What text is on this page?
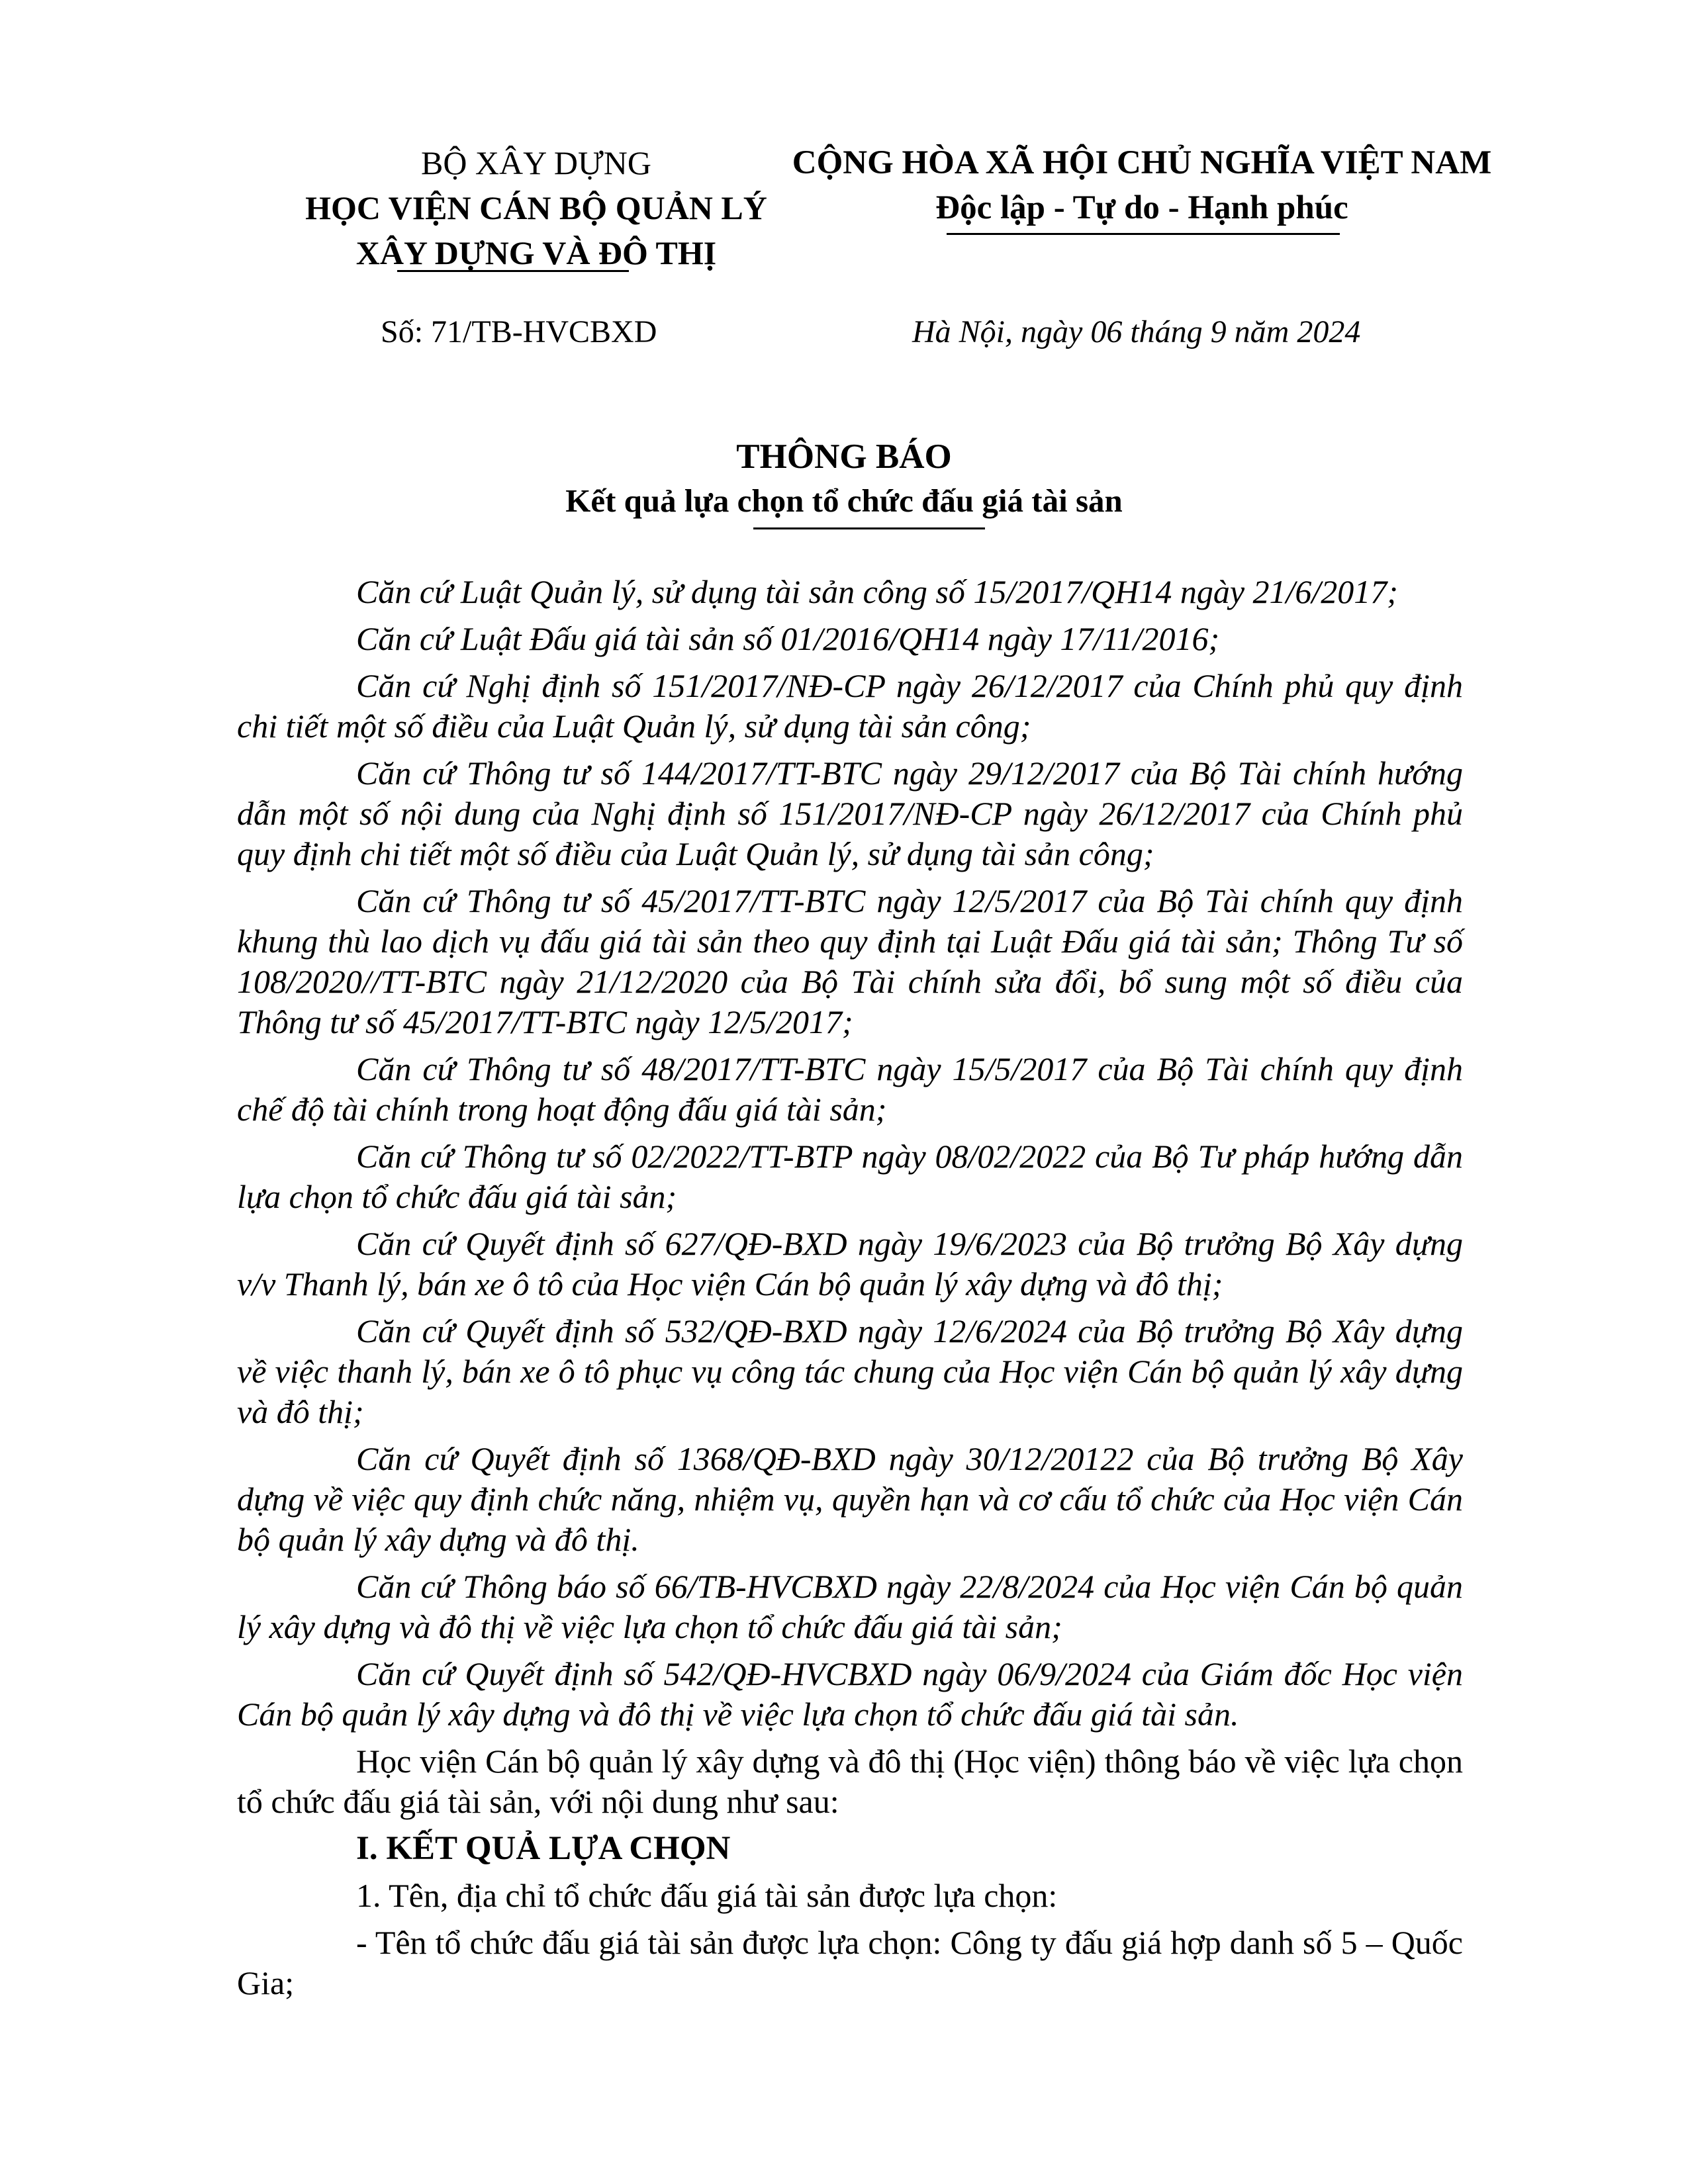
BỘ XÂY DỰNG
HỌC VIỆN CÁN BỘ QUẢN LÝ
XÂY DỰNG VÀ ĐÔ THỊ
CỘNG HÒA XÃ HỘI CHỦ NGHĨA VIỆT NAM
Độc lập - Tự do - Hạnh phúc
Số: 71/TB-HVCBXD	Hà Nội, ngày 06 tháng 9 năm 2024
THÔNG BÁO
Kết quả lựa chọn tổ chức đấu giá tài sản

Căn cứ Luật Quản lý, sử dụng tài sản công số 15/2017/QH14 ngày 21/6/2017;

Căn cứ Luật Đấu giá tài sản số 01/2016/QH14 ngày 17/11/2016;

Căn cứ Nghị định số 151/2017/NĐ-CP ngày 26/12/2017 của Chính phủ quy định chi tiết một số điều của Luật Quản lý, sử dụng tài sản công;

Căn cứ Thông tư số 144/2017/TT-BTC ngày 29/12/2017 của Bộ Tài chính hướng dẫn một số nội dung của Nghị định số 151/2017/NĐ-CP ngày 26/12/2017 của Chính phủ quy định chi tiết một số điều của Luật Quản lý, sử dụng tài sản công;

Căn cứ Thông tư số 45/2017/TT-BTC ngày 12/5/2017 của Bộ Tài chính quy định khung thù lao dịch vụ đấu giá tài sản theo quy định tại Luật Đấu giá tài sản; Thông Tư số 108/2020//TT-BTC ngày 21/12/2020 của Bộ Tài chính sửa đổi, bổ sung một số điều của Thông tư số 45/2017/TT-BTC ngày 12/5/2017;

Căn cứ Thông tư số 48/2017/TT-BTC ngày 15/5/2017 của Bộ Tài chính quy định chế độ tài chính trong hoạt động đấu giá tài sản;

Căn cứ Thông tư số 02/2022/TT-BTP ngày 08/02/2022 của Bộ Tư pháp hướng dẫn lựa chọn tổ chức đấu giá tài sản;

Căn cứ Quyết định số 627/QĐ-BXD ngày 19/6/2023 của Bộ trưởng Bộ Xây dựng v/v Thanh lý, bán xe ô tô của Học viện Cán bộ quản lý xây dựng và đô thị;

Căn cứ Quyết định số 532/QĐ-BXD ngày 12/6/2024 của Bộ trưởng Bộ Xây dựng về việc thanh lý, bán xe ô tô phục vụ công tác chung của Học viện Cán bộ quản lý xây dựng và đô thị;

Căn cứ Quyết định số 1368/QĐ-BXD ngày 30/12/20122 của Bộ trưởng Bộ Xây dựng về việc quy định chức năng, nhiệm vụ, quyền hạn và cơ cấu tổ chức của Học viện Cán bộ quản lý xây dựng và đô thị.

Căn cứ Thông báo số 66/TB-HVCBXD ngày 22/8/2024 của Học viện Cán bộ quản lý xây dựng và đô thị về việc lựa chọn tổ chức đấu giá tài sản;

Căn cứ Quyết định số 542/QĐ-HVCBXD ngày 06/9/2024 của Giám đốc Học viện Cán bộ quản lý xây dựng và đô thị về việc lựa chọn tổ chức đấu giá tài sản.

Học viện Cán bộ quản lý xây dựng và đô thị (Học viện) thông báo về việc lựa chọn tổ chức đấu giá tài sản, với nội dung như sau:

I. KẾT QUẢ LỰA CHỌN

1. Tên, địa chỉ tổ chức đấu giá tài sản được lựa chọn:

- Tên tổ chức đấu giá tài sản được lựa chọn: Công ty đấu giá hợp danh số 5 – Quốc Gia;
